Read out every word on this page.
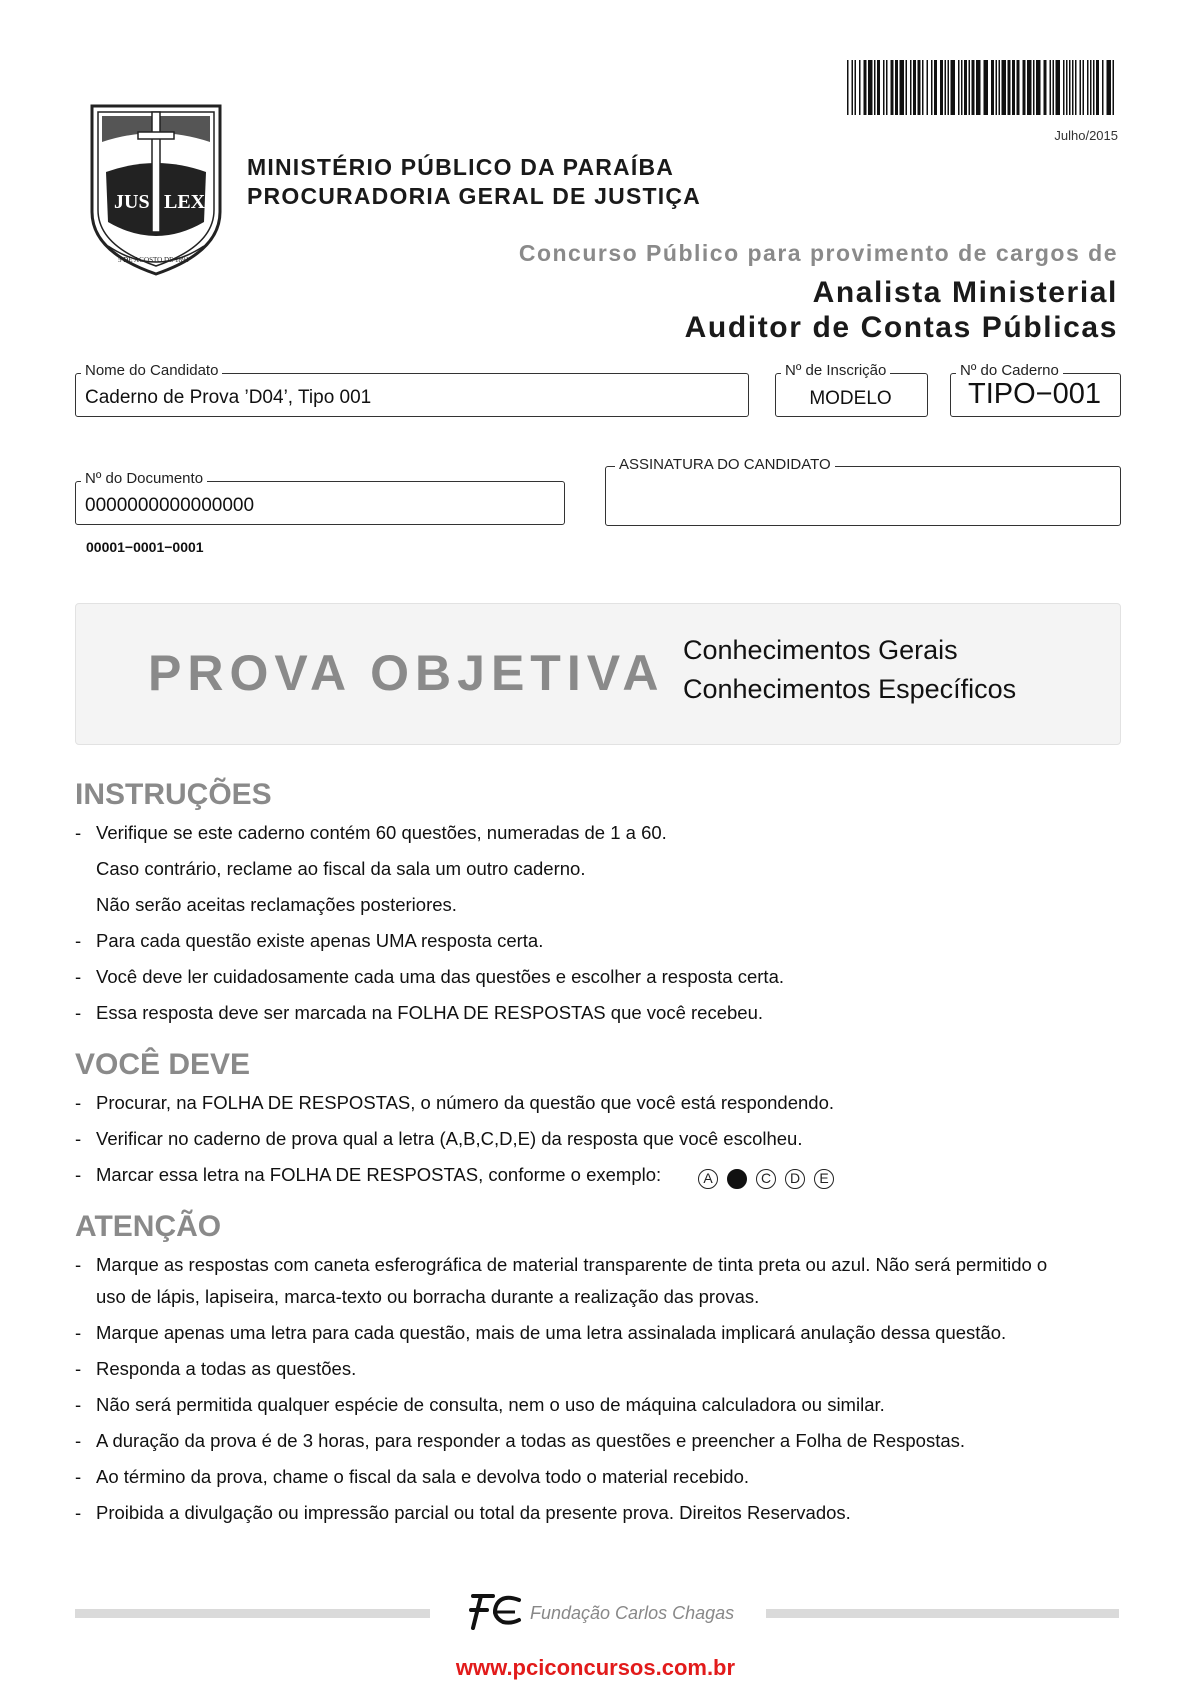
Julho/2015
JUS LEX
5 DE AGOSTO DE 1891
MINISTÉRIO PÚBLICO DA PARAÍBA
PROCURADORIA GERAL DE JUSTIÇA
Concurso Público para provimento de cargos de
Analista Ministerial
Auditor de Contas Públicas
Nome do Candidato
Caderno de Prova ’D04’, Tipo 001
Nº de Inscrição
MODELO
Nº do Caderno
TIPO−001
Nº do Documento
0000000000000000
ASSINATURA DO CANDIDATO
00001−0001−0001
PROVA OBJETIVA Conhecimentos Gerais
Conhecimentos Específicos
INSTRUÇÕES
- Verifique se este caderno contém 60 questões, numeradas de 1 a 60.
Caso contrário, reclame ao fiscal da sala um outro caderno.
Não serão aceitas reclamações posteriores.
- Para cada questão existe apenas UMA resposta certa.
- Você deve ler cuidadosamente cada uma das questões e escolher a resposta certa.
- Essa resposta deve ser marcada na FOLHA DE RESPOSTAS que você recebeu.
VOCÊ DEVE
- Procurar, na FOLHA DE RESPOSTAS, o número da questão que você está respondendo.
- Verificar no caderno de prova qual a letra (A,B,C,D,E) da resposta que você escolheu.
- Marcar essa letra na FOLHA DE RESPOSTAS, conforme o exemplo:	A	C	D	E
ATENÇÃO
- Marque as respostas com caneta esferográfica de material transparente de tinta preta ou azul. Não será permitido o
uso de lápis, lapiseira, marca-texto ou borracha durante a realização das provas.
- Marque apenas uma letra para cada questão, mais de uma letra assinalada implicará anulação dessa questão.
- Responda a todas as questões.
- Não será permitida qualquer espécie de consulta, nem o uso de máquina calculadora ou similar.
- A duração da prova é de 3 horas, para responder a todas as questões e preencher a Folha de Respostas.
- Ao término da prova, chame o fiscal da sala e devolva todo o material recebido.
- Proibida a divulgação ou impressão parcial ou total da presente prova. Direitos Reservados.
Fundação Carlos Chagas
www.pciconcursos.com.br
